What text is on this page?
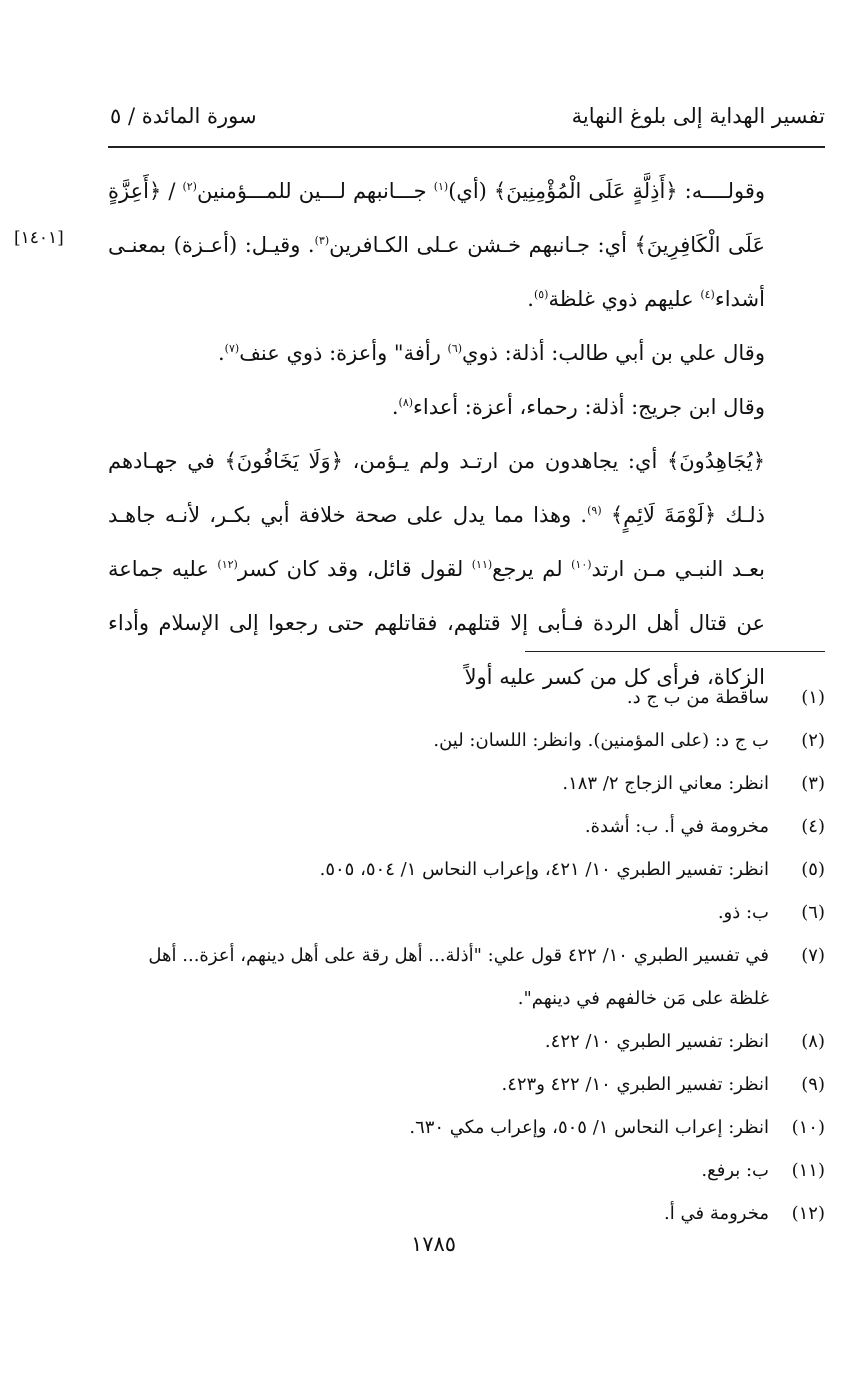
تفسير الهداية إلى بلوغ النهاية
سورة المائدة / ٥
[١٤٠١]

وقولــــه: ﴿أَذِلَّةٍ عَلَى الْمُؤْمِنِينَ﴾ (أي)$^{(١)}$ جـــانبهم لـــين للمـــؤمنين$^{(٢)}$ / ﴿أَعِزَّةٍ عَلَى الْكَافِرِينَ﴾ أي: جـانبهم خـشن عـلى الكـافرين$^{(٣)}$. وقيـل: (أعـزة) بمعنـى أشداء$^{(٤)}$ عليهم ذوي غلظة$^{(٥)}$.

وقال علي بن أبي طالب: أذلة: ذوي$^{(٦)}$ رأفة" وأعزة: ذوي عنف$^{(٧)}$.

وقال ابن جريج: أذلة: رحماء، أعزة: أعداء$^{(٨)}$.

﴿يُجَاهِدُونَ﴾ أي: يجاهدون من ارتـد ولم يـؤمن، ﴿وَلَا يَخَافُونَ﴾ في جهـادهم ذلـك ﴿لَوْمَةَ لَائِمٍ﴾ $^{(٩)}$. وهذا مما يدل على صحة خلافة أبي بكـر، لأنـه جاهـد بعـد النبـي مـن ارتد$^{(١٠)}$ لم يرجع$^{(١١)}$ لقول قائل، وقد كان كسر$^{(١٢)}$ عليه جماعة عن قتال أهل الردة فـأبى إلا قتلهم، فقاتلهم حتى رجعوا إلى الإسلام وأداء الزكاة، فرأى كل من كسر عليه أولاً

(١)
ساقطة من ب ج د.
(٢)
ب ج د: (على المؤمنين). وانظر: اللسان: لين.
(٣)
انظر: معاني الزجاج ٢/ ١٨٣.
(٤)
مخرومة في أ. ب: أشدة.
(٥)
انظر: تفسير الطبري ١٠/ ٤٢١، وإعراب النحاس ١/ ٥٠٤، ٥٠٥.
(٦)
ب: ذو.
(٧)
في تفسير الطبري ١٠/ ٤٢٢ قول علي: "أذلة... أهل رقة على أهل دينهم، أعزة... أهل غلظة على مَن خالفهم في دينهم".
(٨)
انظر: تفسير الطبري ١٠/ ٤٢٢.
(٩)
انظر: تفسير الطبري ١٠/ ٤٢٢ و٤٢٣.
(١٠)
انظر: إعراب النحاس ١/ ٥٠٥، وإعراب مكي ٦٣٠.
(١١)
ب: برفع.
(١٢)
مخرومة في أ.
١٧٨٥
